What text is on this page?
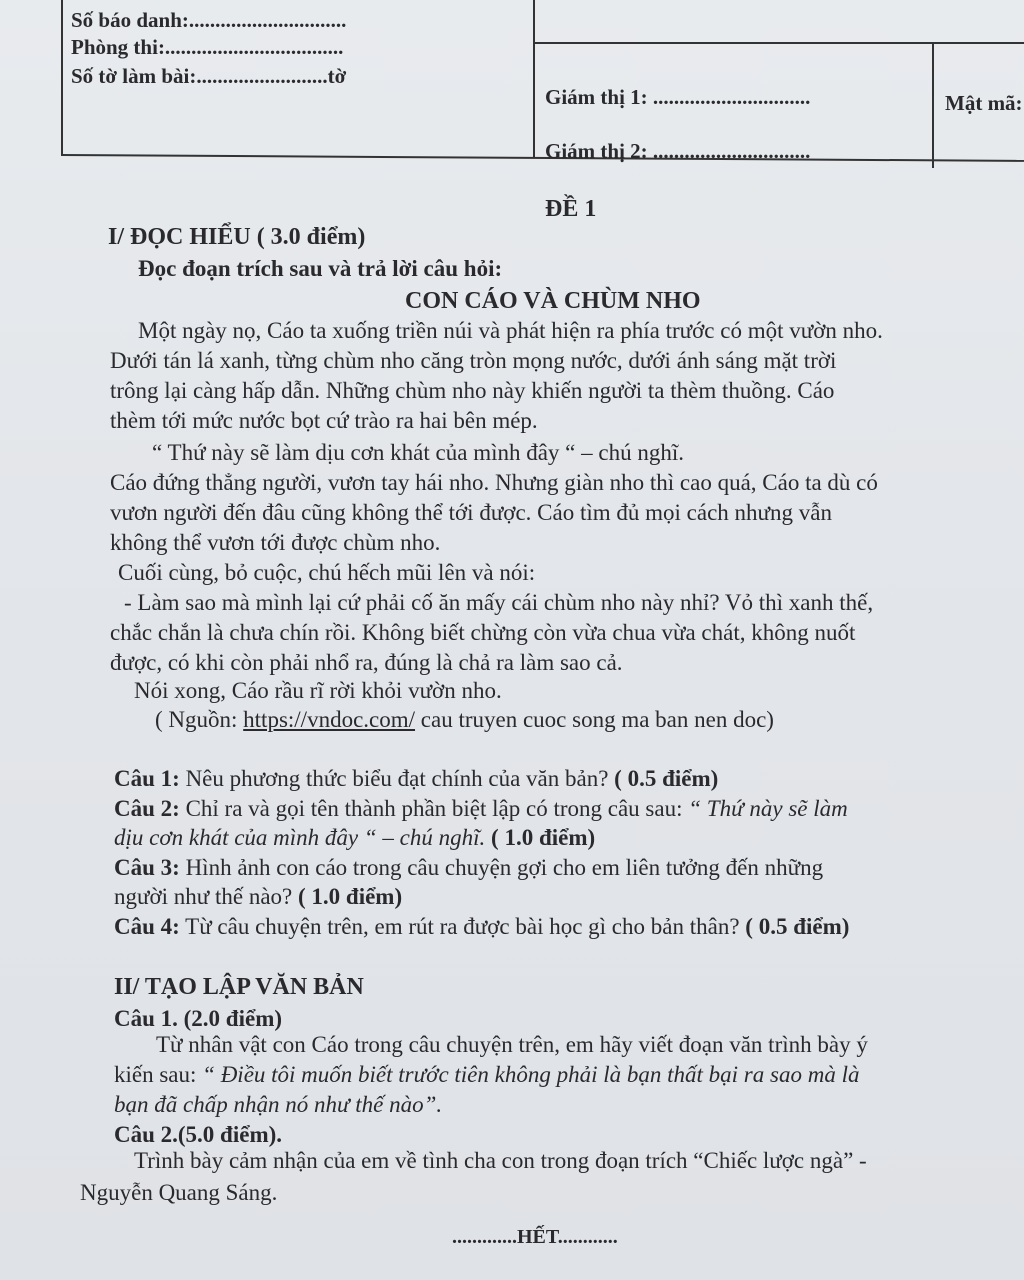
Số báo danh:..............................
Phòng thi:..................................
Số tờ làm bài:.........................tờ
Giám thị 1: ..............................
Giám thị 2: ..............................
Mật mã:
ĐỀ 1
I/ ĐỌC HIỂU ( 3.0 điểm)
Đọc đoạn trích sau và trả lời câu hỏi:
CON CÁO VÀ CHÙM NHO
Một ngày nọ, Cáo ta xuống triền núi và phát hiện ra phía trước có một vườn nho.
Dưới tán lá xanh, từng chùm nho căng tròn mọng nước, dưới ánh sáng mặt trời
trông lại càng hấp dẫn. Những chùm nho này khiến người ta thèm thuồng. Cáo
thèm tới mức nước bọt cứ trào ra hai bên mép.
“ Thứ này sẽ làm dịu cơn khát của mình đây “ – chú nghĩ.
Cáo đứng thẳng người, vươn tay hái nho. Nhưng giàn nho thì cao quá, Cáo ta dù có
vươn người đến đâu cũng không thể tới được. Cáo tìm đủ mọi cách nhưng vẫn
không thể vươn tới được chùm nho.
Cuối cùng, bỏ cuộc, chú hếch mũi lên và nói:
- Làm sao mà mình lại cứ phải cố ăn mấy cái chùm nho này nhỉ? Vỏ thì xanh thế,
chắc chắn là chưa chín rồi. Không biết chừng còn vừa chua vừa chát, không nuốt
được, có khi còn phải nhổ ra, đúng là chả ra làm sao cả.
Nói xong, Cáo rầu rĩ rời khỏi vườn nho.
( Nguồn: https://vndoc.com/ cau truyen cuoc song ma ban nen doc)
Câu 1: Nêu phương thức biểu đạt chính của văn bản? ( 0.5 điểm)
Câu 2: Chỉ ra và gọi tên thành phần biệt lập có trong câu sau: “ Thứ này sẽ làm
dịu cơn khát của mình đây “ – chú nghĩ. ( 1.0 điểm)
Câu 3: Hình ảnh con cáo trong câu chuyện gợi cho em liên tưởng đến những
người như thế nào? ( 1.0 điểm)
Câu 4: Từ câu chuyện trên, em rút ra được bài học gì cho bản thân? ( 0.5 điểm)
II/ TẠO LẬP VĂN BẢN
Câu 1. (2.0 điểm)
Từ nhân vật con Cáo trong câu chuyện trên, em hãy viết đoạn văn trình bày ý
kiến sau: “ Điều tôi muốn biết trước tiên không phải là bạn thất bại ra sao mà là
bạn đã chấp nhận nó như thế nào”.
Câu 2.(5.0 điểm).
Trình bày cảm nhận của em về tình cha con trong đoạn trích “Chiếc lược ngà” -
Nguyễn Quang Sáng.
.............HẾT............
